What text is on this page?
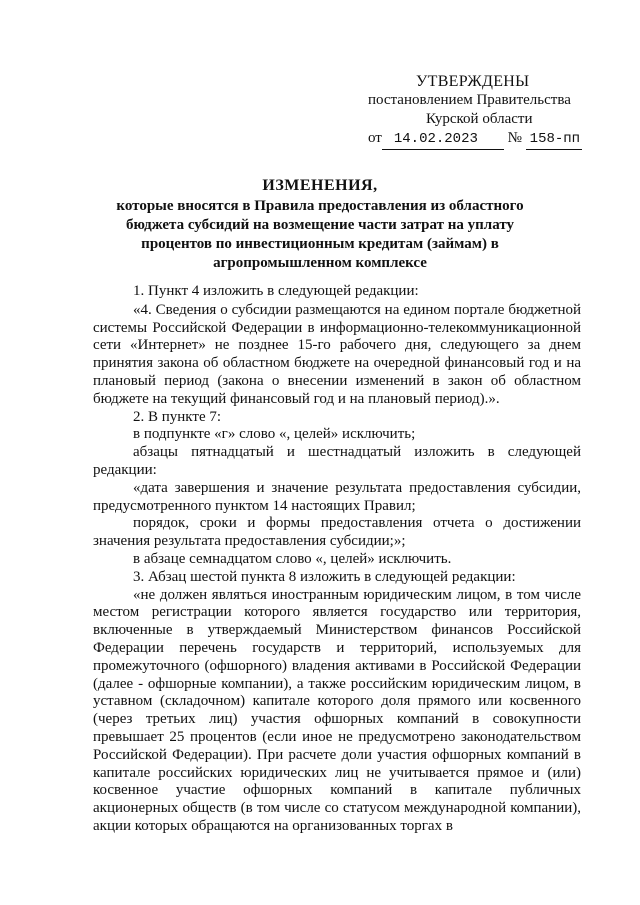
УТВЕРЖДЕНЫ
постановлением Правительства
Курской области
от 14.02.2023 № 158-пп
ИЗМЕНЕНИЯ,
которые вносятся в Правила предоставления из областного бюджета субсидий на возмещение части затрат на уплату процентов по инвестиционным кредитам (займам) в агропромышленном комплексе
1. Пункт 4 изложить в следующей редакции:
«4. Сведения о субсидии размещаются на едином портале бюджетной системы Российской Федерации в информационно-телекоммуникационной сети «Интернет» не позднее 15-го рабочего дня, следующего за днем принятия закона об областном бюджете на очередной финансовый год и на плановый период (закона о внесении изменений в закон об областном бюджете на текущий финансовый год и на плановый период).».
2. В пункте 7:
в подпункте «г» слово «, целей» исключить;
абзацы пятнадцатый и шестнадцатый изложить в следующей редакции:
«дата завершения и значение результата предоставления субсидии, предусмотренного пунктом 14 настоящих Правил;
порядок, сроки и формы предоставления отчета о достижении значения результата предоставления субсидии;»;
в абзаце семнадцатом слово «, целей» исключить.
3. Абзац шестой пункта 8 изложить в следующей редакции:
«не должен являться иностранным юридическим лицом, в том числе местом регистрации которого является государство или территория, включенные в утверждаемый Министерством финансов Российской Федерации перечень государств и территорий, используемых для промежуточного (офшорного) владения активами в Российской Федерации (далее - офшорные компании), а также российским юридическим лицом, в уставном (складочном) капитале которого доля прямого или косвенного (через третьих лиц) участия офшорных компаний в совокупности превышает 25 процентов (если иное не предусмотрено законодательством Российской Федерации). При расчете доли участия офшорных компаний в капитале российских юридических лиц не учитывается прямое и (или) косвенное участие офшорных компаний в капитале публичных акционерных обществ (в том числе со статусом международной компании), акции которых обращаются на организованных торгах в
